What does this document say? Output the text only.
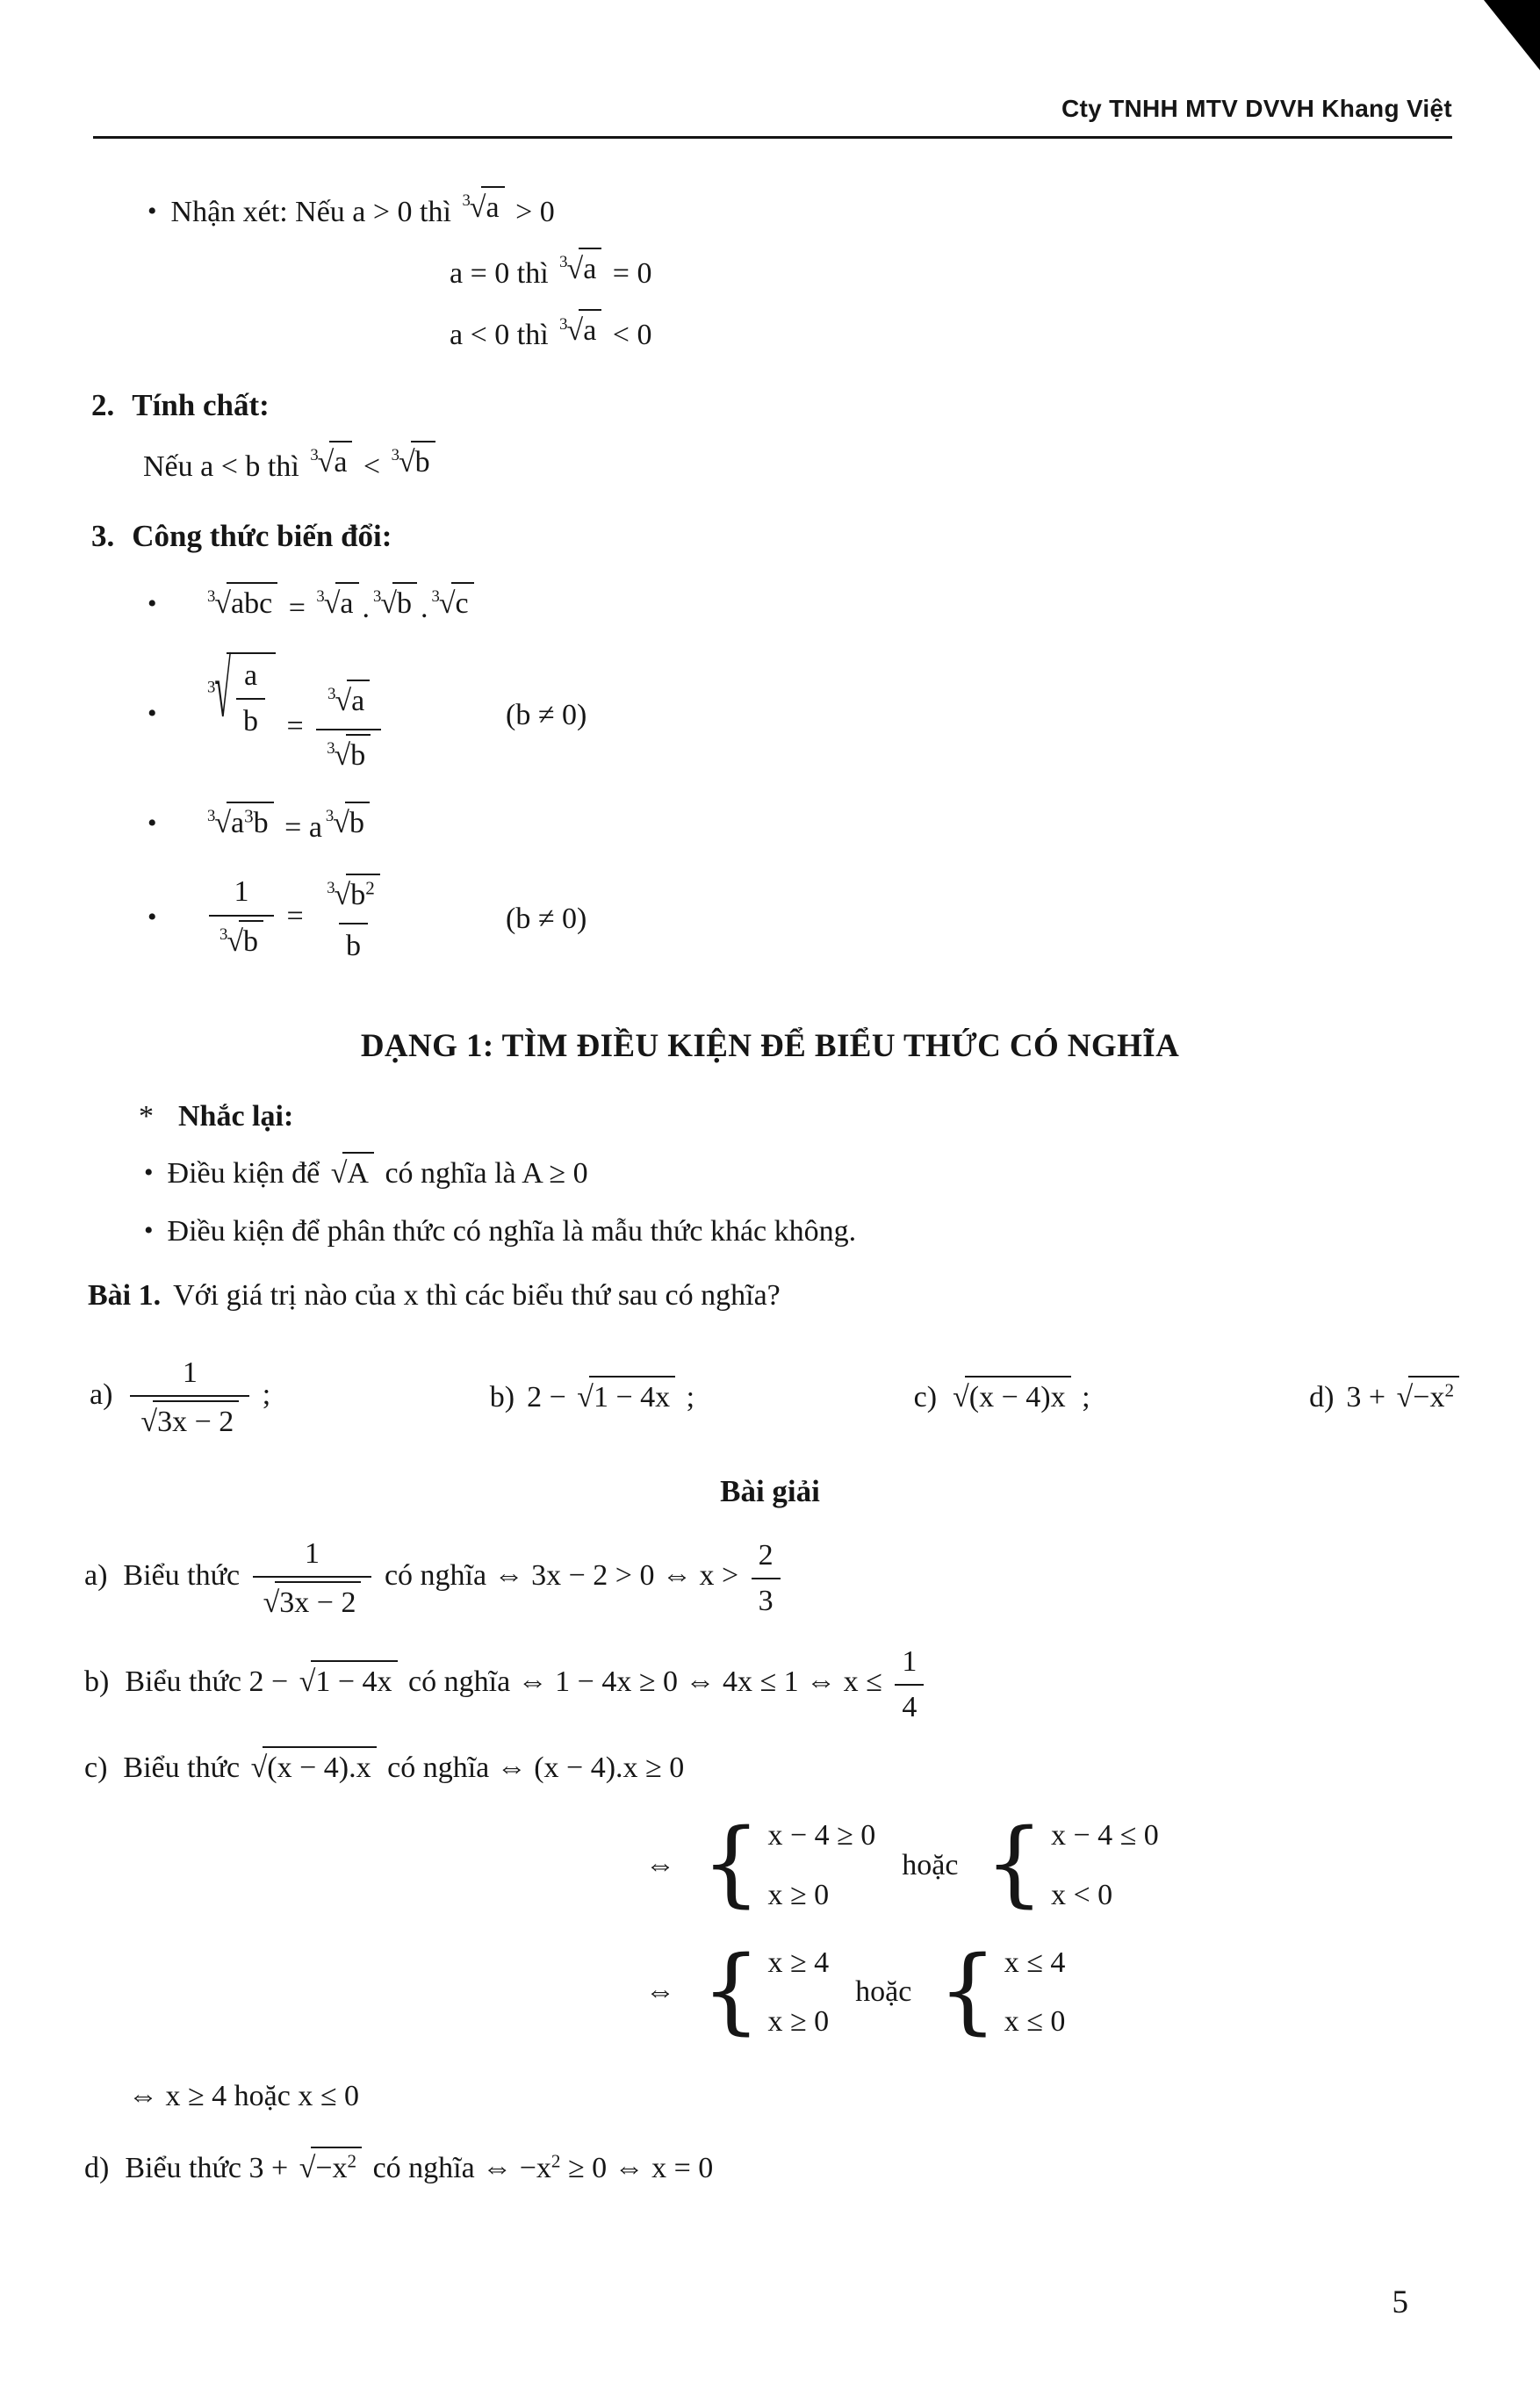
Cty TNHH MTV DVVH Khang Việt
• Nhận xét: Nếu a > 0 thì 3 √ a > 0
a = 0 thì 3 √ a = 0
a < 0 thì 3 √ a < 0
2. Tính chất:
Nếu a < b thì 3 √ a < 3 √ b
3. Công thức biến đổi:
•	3 √ abc = 3 √ a . 3 √ b . 3 √ c
•
3 √ $\frac{a}{b} = \frac{3 √ a}{3 √ b}$	(b ≠ 0)
•	3 √ $a^3b = a$ 3 √ b
•	$\frac{1}{3 √ b} = \frac{3 √ b^2}{b}$	(b ≠ 0)
DẠNG 1: TÌM ĐIỀU KIỆN ĐỂ BIỂU THỨC CÓ NGHĨA
* Nhắc lại:
• Điều kiện để √ A có nghĩa là A ≥ 0
• Điều kiện để phân thức có nghĩa là mẫu thức khác không.
Bài 1. Với giá trị nào của x thì các biểu thứ sau có nghĩa?
$a) \frac{1}{√ 3x - 2}$ ;	b) 2 − √ 1 − 4x ;	c) √ (x − 4)x ;	d) 3 + √ $-x^2$
Bài giải
a) Biểu thức $\frac{1}{√ 3x - 2}$ có nghĩa ⇔ 3x − 2 > 0 ⇔ $x > \frac{2}{3}$
b) Biểu thức 2 − √ 1 − 4x có nghĩa ⇔ 1 − 4x ≥ 0 ⇔ 4x ≤ 1 ⇔ $x \le \frac{1}{4}$
c) Biểu thức √ (x − 4).x có nghĩa ⇔ (x − 4).x ≥ 0
⇔ { x − 4 ≥ 0
x ≥ 0
hoặc { x − 4 ≤ 0
x < 0
⇔ { x ≥ 4
x ≥ 0
hoặc { x ≤ 4
x ≤ 0
⇔ x ≥ 4 hoặc x ≤ 0
d) Biểu thức 3 + √ $-x^2$ có nghĩa ⇔ $-x^2 \ge 0$ ⇔ x = 0
5
